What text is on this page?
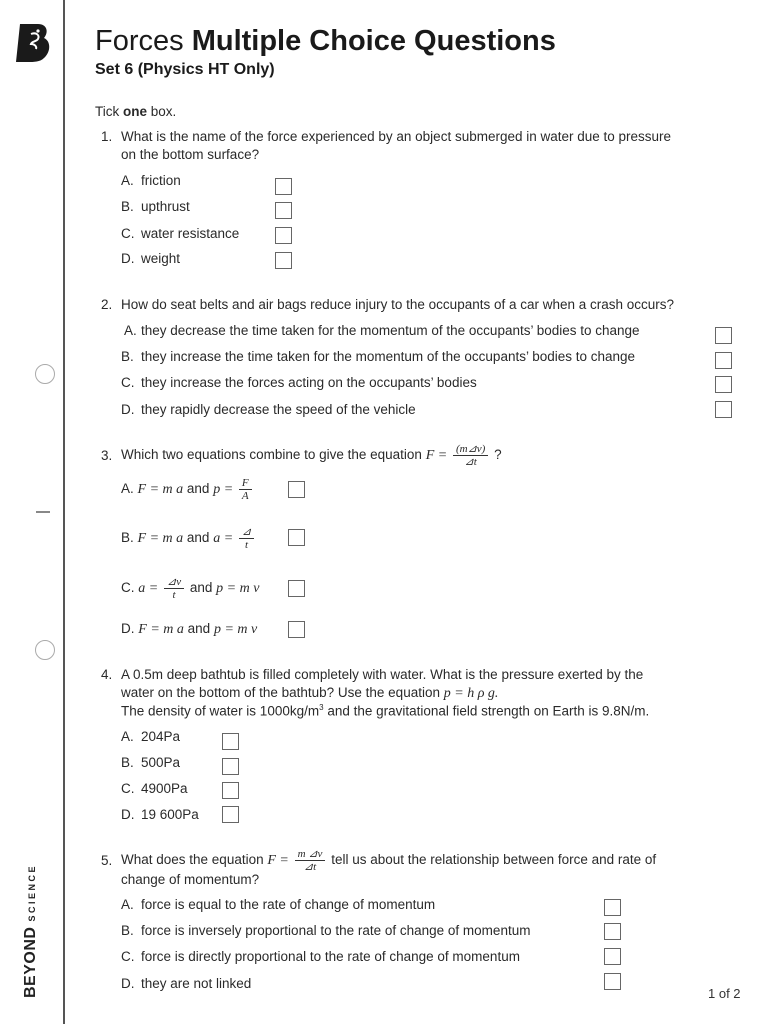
BEYONDSCIENCE
Forces Multiple Choice Questions
Set 6 (Physics HT Only)
Tick one box.
1. What is the name of the force experienced by an object submerged in water due to pressure
on the bottom surface?
A. friction
B. upthrust
C. water resistance
D. weight
2. How do seat belts and air bags reduce injury to the occupants of a car when a crash occurs?
A. they decrease the time taken for the momentum of the occupants’ bodies to change
B. they increase the time taken for the momentum of the occupants’ bodies to change
C. they increase the forces acting on the occupants’ bodies
D. they rapidly decrease the speed of the vehicle
3. Which two equations combine to give the equation $F = \frac{(m⊿v)}{⊿t}$ ?
A. F = m a and $p = \frac{F}{A}$
B. F = m a and $a = \frac{⊿}{t}$
C. $a = \frac{⊿v}{t}$ and p = m v
D. F = m a and p = m v
4. A 0.5m deep bathtub is filled completely with water. What is the pressure exerted by the
water on the bottom of the bathtub? Use the equation p = h ρ g.
The density of water is $1000kg/m^3$ and the gravitational field strength on Earth is 9.8N/m.
A. 204Pa
B. 500Pa
C. 4900Pa
D. 19 600Pa
5. What does the equation $F = \frac{m ⊿v}{⊿t}$ tell us about the relationship between force and rate of
change of momentum?
A. force is equal to the rate of change of momentum
B. force is inversely proportional to the rate of change of momentum
C. force is directly proportional to the rate of change of momentum
D. they are not linked
1 of 2
